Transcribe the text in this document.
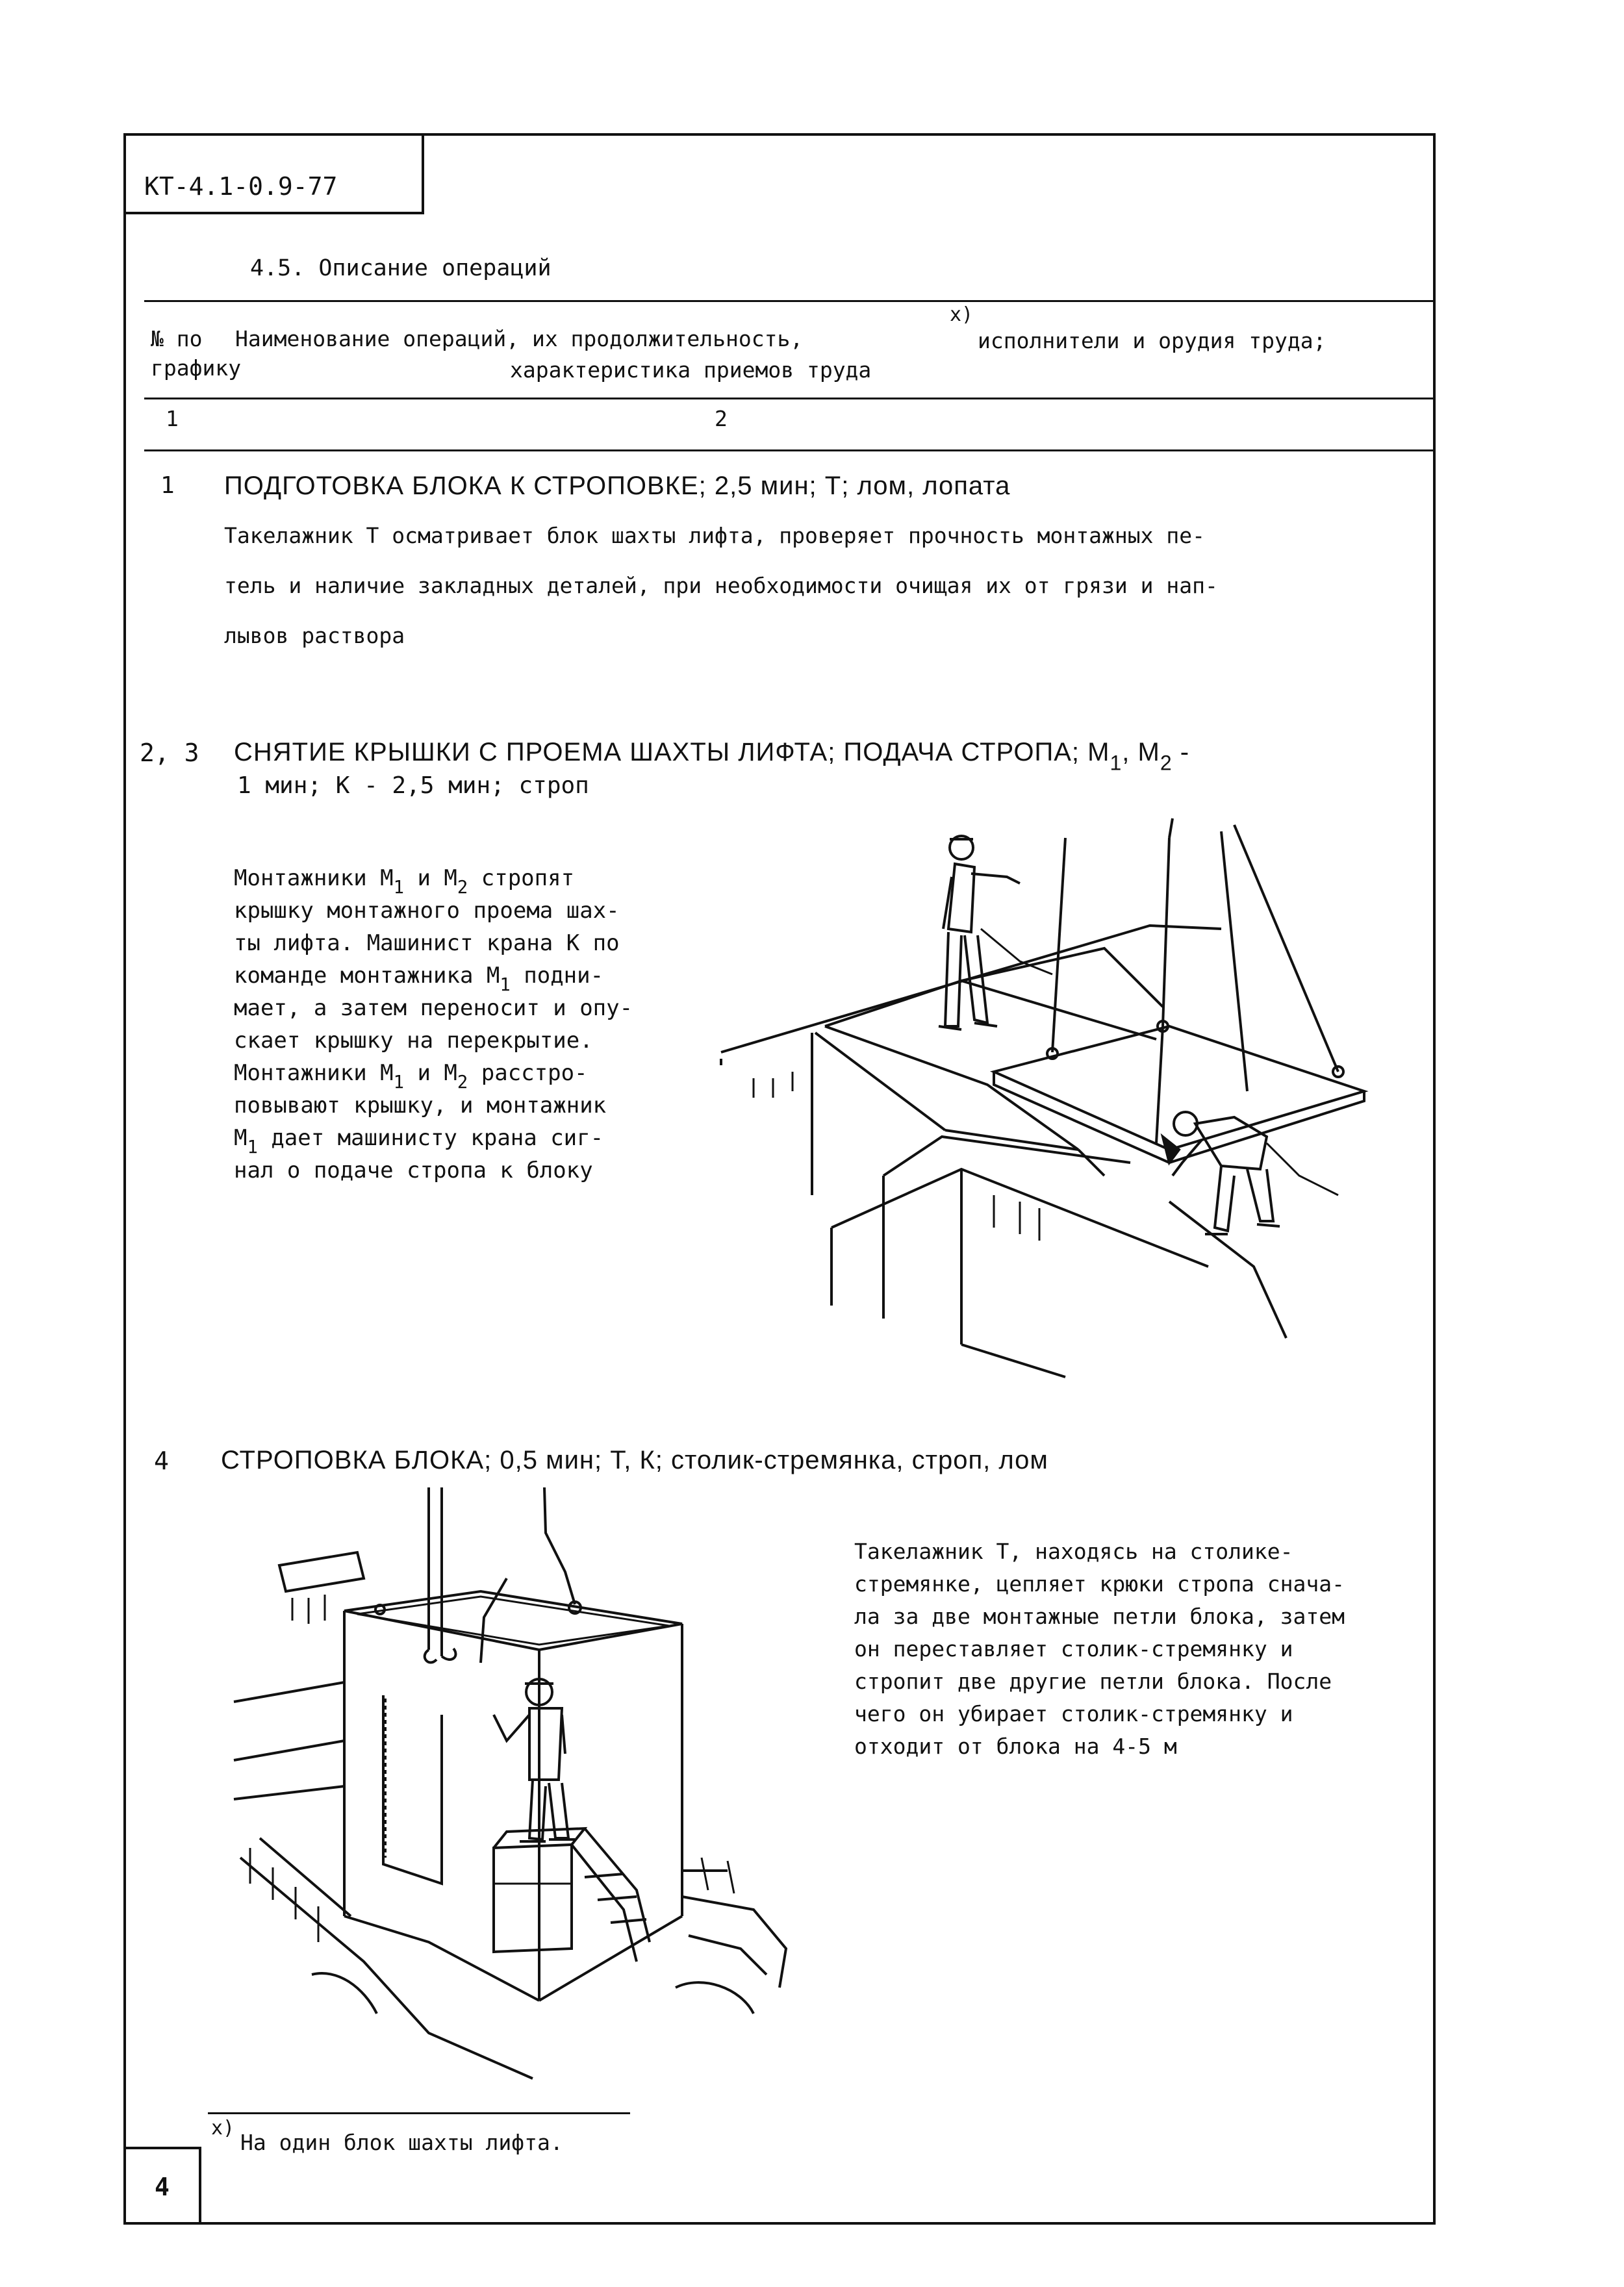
КТ-4.1-0.9-77
4.5. Описание операций
№ по
графику
Наименование операций, их продолжительность,
x)
исполнители и орудия труда;
характеристика приемов труда
1	2
1 ПОДГОТОВКА БЛОКА К СТРОПОВКЕ; 2,5 мин; Т; лом, лопата
Такелажник Т осматривает блок шахты лифта, проверяет прочность монтажных пе-
тель и наличие закладных деталей, при необходимости очищая их от грязи и нап-
лывов раствора
2, 3 СНЯТИЕ КРЫШКИ С ПРОЕМА ШАХТЫ ЛИФТА; ПОДАЧА СТРОПА; $M_1$, $M_2$ -
1 мин; К - 2,5 мин; строп
Монтажники $M_1$ и $M_2$ стропят
крышку монтажного проема шах-
ты лифта. Машинист крана К по
команде монтажника $M_1$ подни-
мает, а затем переносит и опу-
скает крышку на перекрытие.
Монтажники $M_1$ и $M_2$ расстро-
повывают крышку, и монтажник
$M_1$ дает машинисту крана сиг-
нал о подаче стропа к блоку
4 СТРОПОВКА БЛОКА; 0,5 мин; Т, К; столик-стремянка, строп, лом
Такелажник Т, находясь на столике-
стремянке, цепляет крюки стропа снача-
ла за две монтажные петли блока, затем
он переставляет столик-стремянку и
стропит две другие петли блока. После
чего он убирает столик-стремянку и
отходит от блока на 4-5 м
x)
На один блок шахты лифта.
4
